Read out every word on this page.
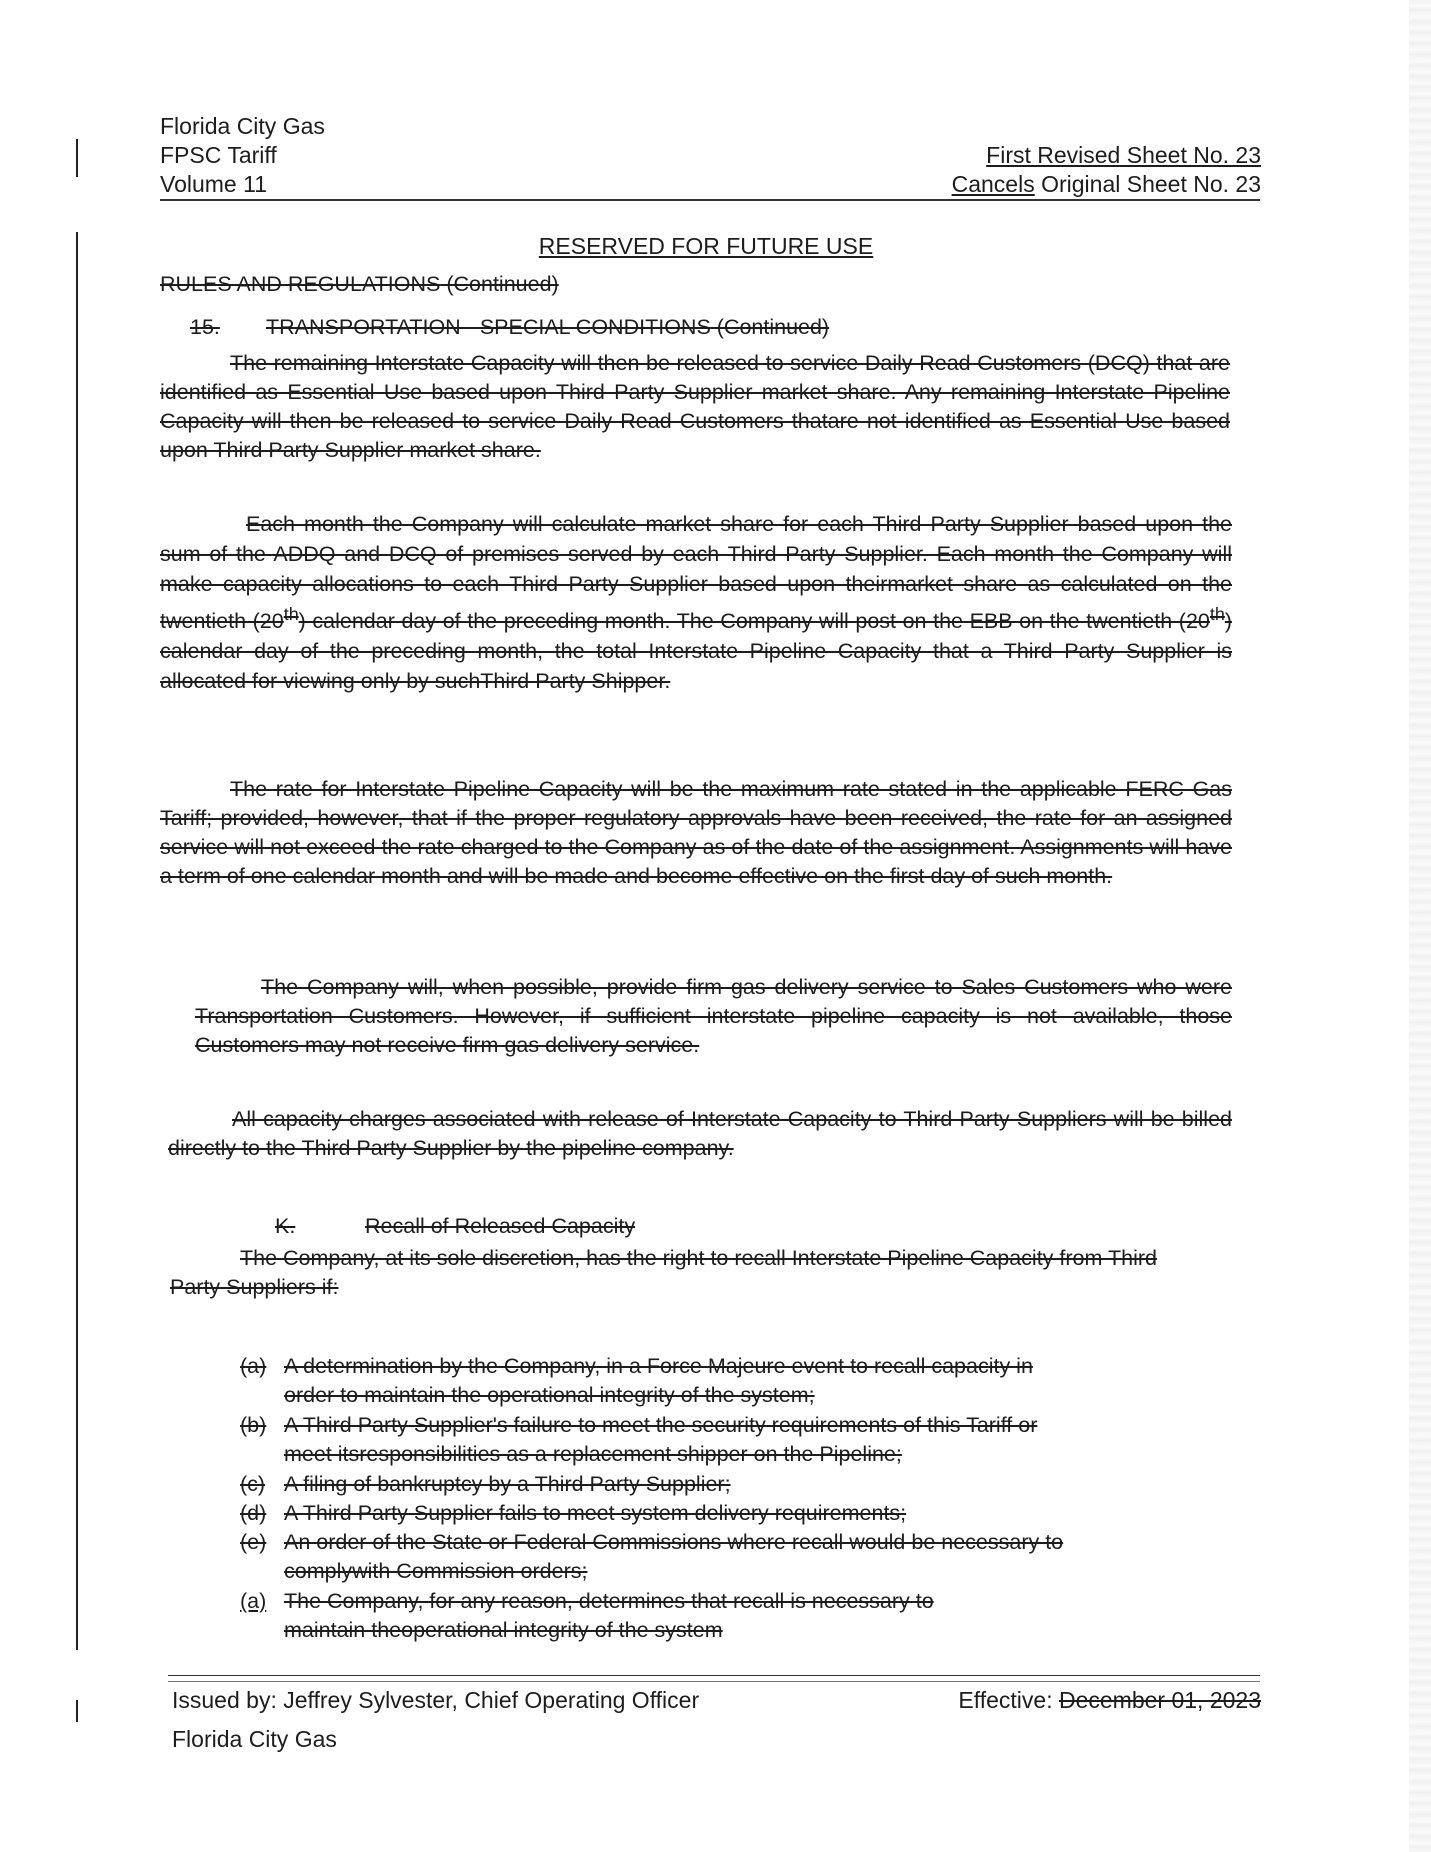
Florida City Gas
FPSC Tariff
Volume 11
First Revised Sheet No. 23
Cancels Original Sheet No. 23
RESERVED FOR FUTURE USE
RULES AND REGULATIONS (Continued)
15. TRANSPORTATION - SPECIAL CONDITIONS (Continued)
The remaining Interstate Capacity will then be released to service Daily Read Customers (DCQ) that are identified as Essential Use based upon Third Party Supplier market share. Any remaining Interstate Pipeline Capacity will then be released to service Daily Read Customers thatare not identified as Essential Use based upon Third Party Supplier market share.
Each month the Company will calculate market share for each Third Party Supplier based upon the sum of the ADDQ and DCQ of premises served by each Third Party Supplier. Each month the Company will make capacity allocations to each Third Party Supplier based upon theirmarket share as calculated on the twentieth (20th) calendar day of the preceding month. The Company will post on the EBB on the twentieth (20th) calendar day of the preceding month, the total Interstate Pipeline Capacity that a Third Party Supplier is allocated for viewing only by suchThird Party Shipper.
The rate for Interstate Pipeline Capacity will be the maximum rate stated in the applicable FERC Gas Tariff; provided, however, that if the proper regulatory approvals have been received, the rate for an assigned service will not exceed the rate charged to the Company as of the date of the assignment. Assignments will have a term of one calendar month and will be made and become effective on the first day of such month.
The Company will, when possible, provide firm gas delivery service to Sales Customers who were Transportation Customers. However, if sufficient interstate pipeline capacity is not available, those Customers may not receive firm gas delivery service.
All capacity charges associated with release of Interstate Capacity to Third Party Suppliers will be billed directly to the Third Party Supplier by the pipeline company.
K.	Recall of Released Capacity
The Company, at its sole discretion, has the right to recall Interstate Pipeline Capacity from Third Party Suppliers if:
(a) A determination by the Company, in a Force Majeure event to recall capacity in
order to maintain the operational integrity of the system;
(b) A Third Party Supplier's failure to meet the security requirements of this Tariff or
meet itsresponsibilities as a replacement shipper on the Pipeline;
(c) A filing of bankruptcy by a Third Party Supplier;
(d) A Third Party Supplier fails to meet system delivery requirements;
(e) An order of the State or Federal Commissions where recall would be necessary to
complywith Commission orders;
(a) The Company, for any reason, determines that recall is necessary to
maintain theoperational integrity of the system
Issued by: Jeffrey Sylvester, Chief Operating Officer
Florida City Gas
Effective: December 01, 2023
